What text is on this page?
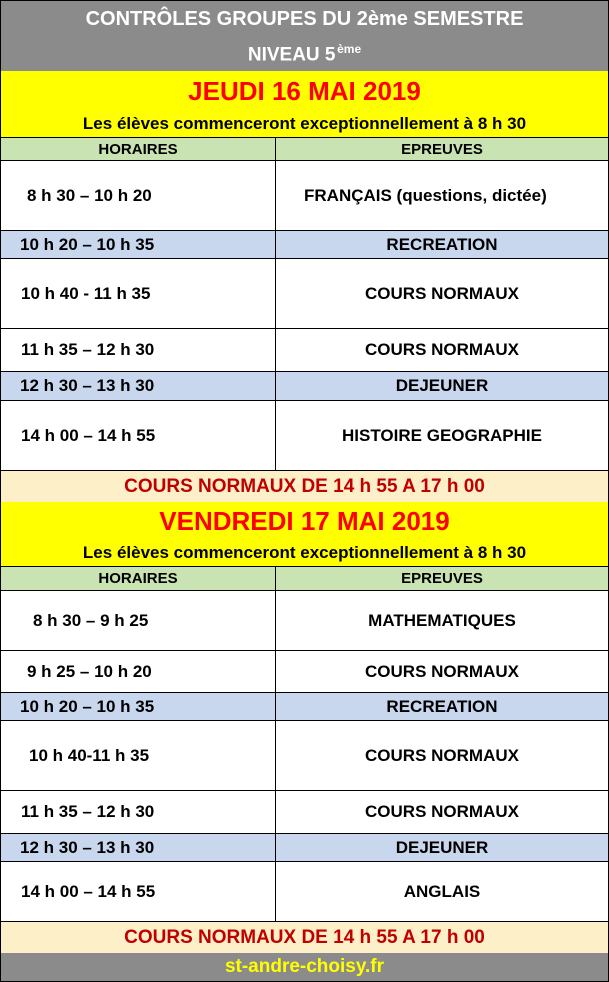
CONTRÔLES GROUPES DU 2ème SEMESTRE
NIVEAU 5  $^{ème}$
JEUDI 16 MAI 2019
Les élèves commenceront exceptionnellement à 8 h 30
HORAIRES	EPREUVES
8 h 30 – 10 h 20	FRANÇAIS (questions, dictée)
10 h 20 – 10 h 35	RECREATION
10 h 40 - 11 h 35	COURS NORMAUX
11 h 35 – 12 h 30	COURS NORMAUX
12 h 30 – 13 h 30	DEJEUNER
14 h 00 – 14 h 55	HISTOIRE GEOGRAPHIE
COURS NORMAUX DE 14 h 55 A 17 h 00
VENDREDI 17 MAI 2019
Les élèves commenceront exceptionnellement à 8 h 30
HORAIRES	EPREUVES
8 h 30 – 9 h 25	MATHEMATIQUES
9 h 25 – 10 h 20	COURS NORMAUX
10 h 20 – 10 h 35	RECREATION
10 h 40-11 h 35	COURS NORMAUX
11 h 35 – 12 h 30	COURS NORMAUX
12 h 30 – 13 h 30	DEJEUNER
14 h 00 – 14 h 55	ANGLAIS
COURS NORMAUX DE 14 h 55 A 17 h 00
st-andre-choisy.fr
